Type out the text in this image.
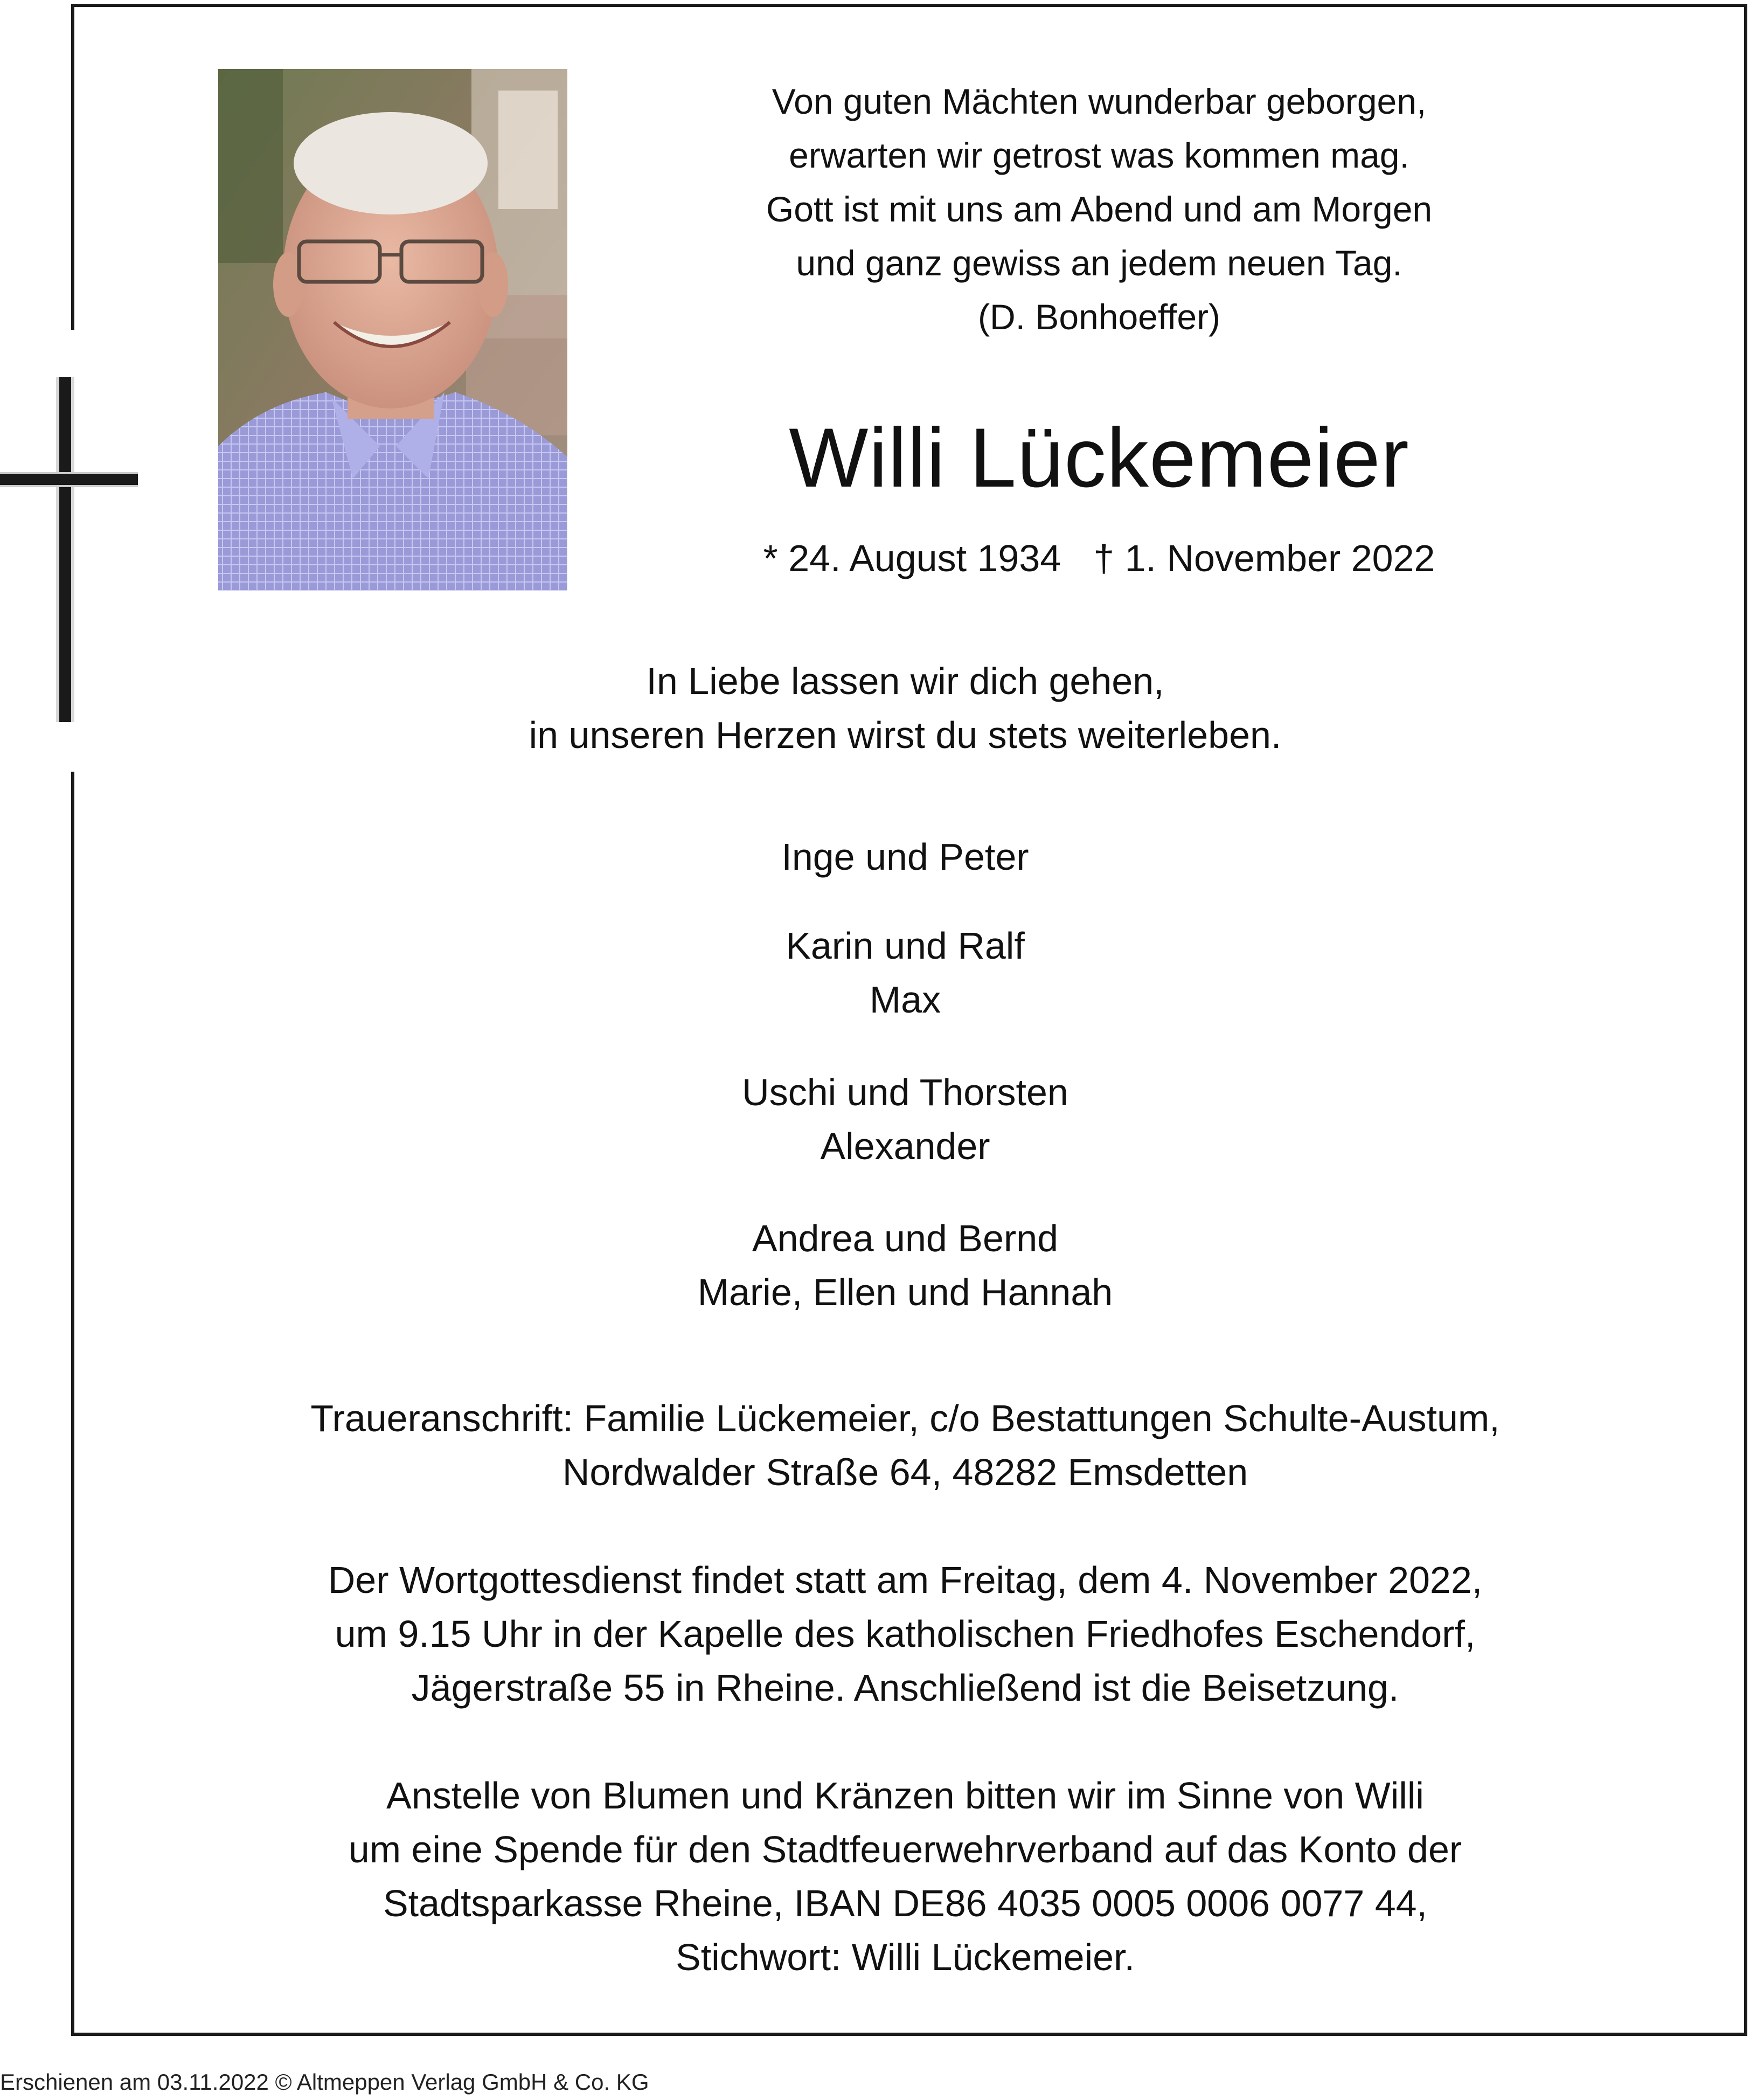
Von guten Mächten wunderbar geborgen,
erwarten wir getrost was kommen mag.
Gott ist mit uns am Abend und am Morgen
und ganz gewiss an jedem neuen Tag.
(D. Bonhoeffer)
Willi Lückemeier
* 24. August 1934 † 1. November 2022
In Liebe lassen wir dich gehen,
in unseren Herzen wirst du stets weiterleben.
Inge und Peter
Karin und Ralf
Max
Uschi und Thorsten
Alexander
Andrea und Bernd
Marie, Ellen und Hannah
Traueranschrift: Familie Lückemeier, c/o Bestattungen Schulte-Austum,
Nordwalder Straße 64, 48282 Emsdetten
Der Wortgottesdienst findet statt am Freitag, dem 4. November 2022,
um 9.15 Uhr in der Kapelle des katholischen Friedhofes Eschendorf,
Jägerstraße 55 in Rheine. Anschließend ist die Beisetzung.
Anstelle von Blumen und Kränzen bitten wir im Sinne von Willi
um eine Spende für den Stadtfeuerwehrverband auf das Konto der
Stadtsparkasse Rheine, IBAN DE86 4035 0005 0006 0077 44,
Stichwort: Willi Lückemeier.
Erschienen am 03.11.2022 © Altmeppen Verlag GmbH & Co. KG
